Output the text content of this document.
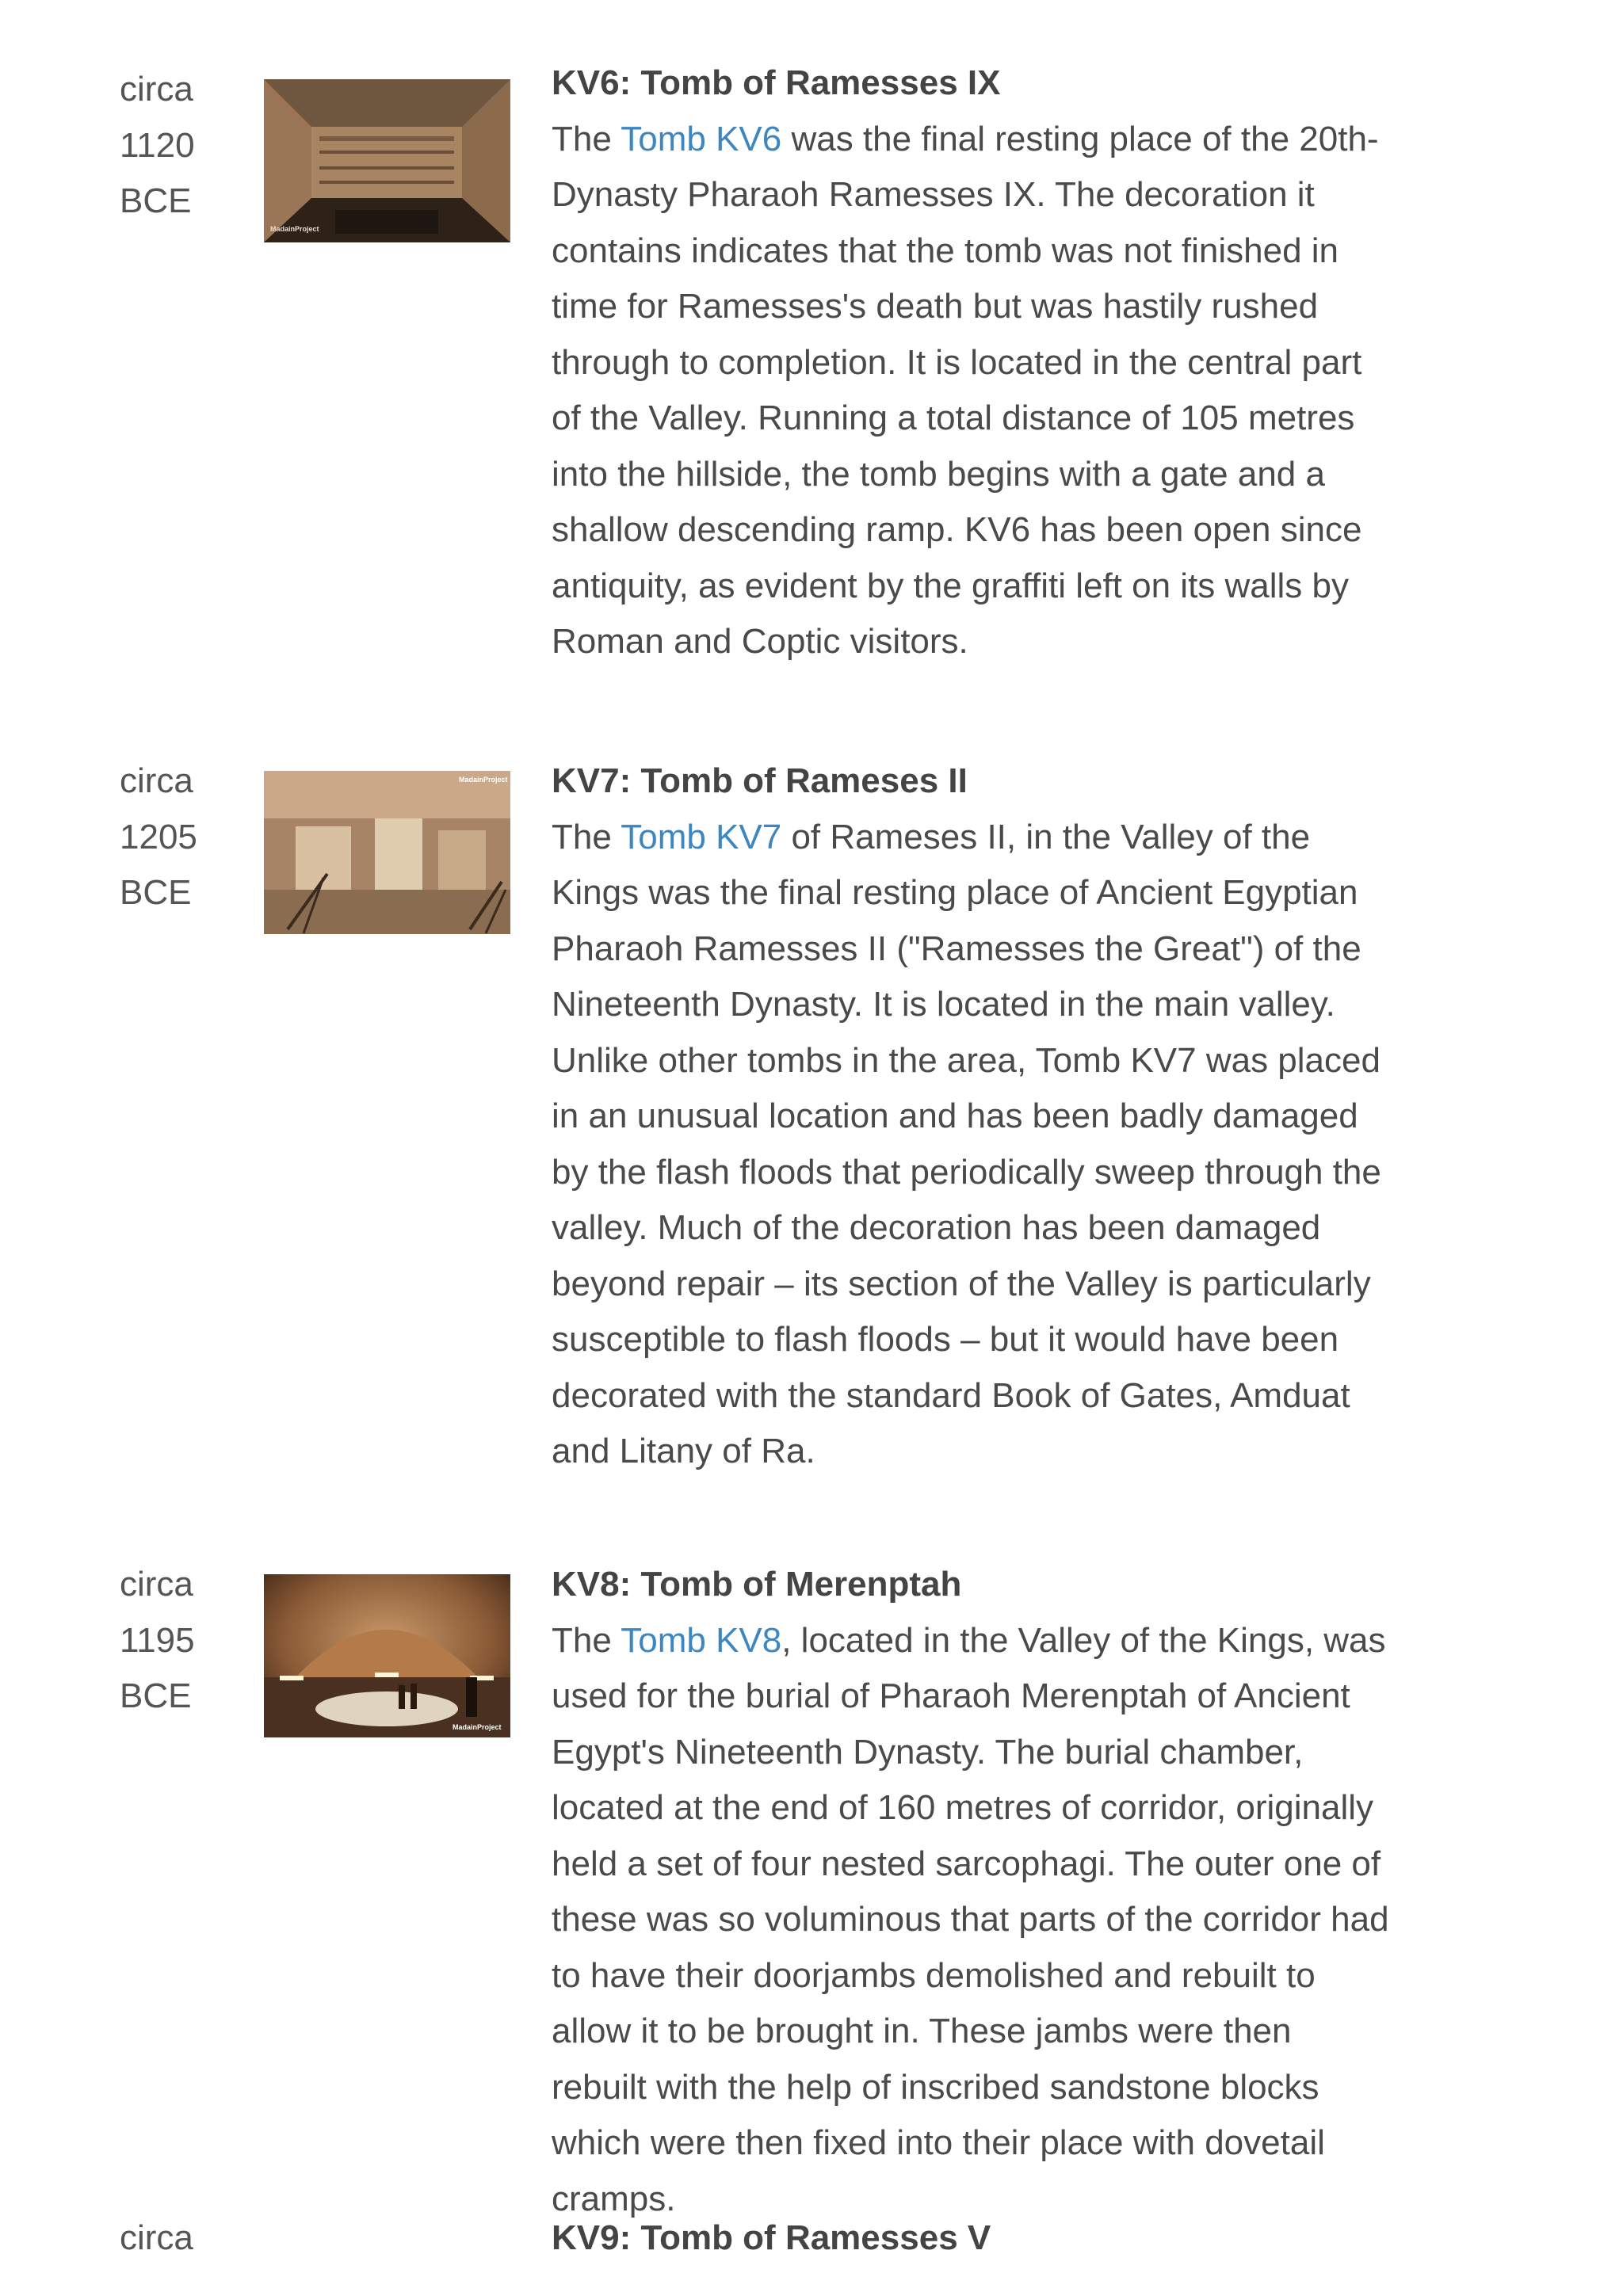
circa
1120
BCE
MadainProject
KV6: Tomb of Ramesses IX

The Tomb KV6 was the final resting place of the 20th-Dynasty Pharaoh Ramesses IX. The decoration it contains indicates that the tomb was not finished in time for Ramesses's death but was hastily rushed through to completion. It is located in the central part of the Valley. Running a total distance of 105 metres into the hillside, the tomb begins with a gate and a shallow descending ramp. KV6 has been open since antiquity, as evident by the graffiti left on its walls by Roman and Coptic visitors.

circa
1205
BCE
MadainProject KV7: Tomb of Rameses II

The Tomb KV7 of Rameses II, in the Valley of the Kings was the final resting place of Ancient Egyptian Pharaoh Ramesses II ("Ramesses the Great") of the Nineteenth Dynasty. It is located in the main valley. Unlike other tombs in the area, Tomb KV7 was placed in an unusual location and has been badly damaged by the flash floods that periodically sweep through the valley. Much of the decoration has been damaged beyond repair – its section of the Valley is particularly susceptible to flash floods – but it would have been decorated with the standard Book of Gates, Amduat and Litany of Ra.

circa
1195
BCE
MadainProject
KV8: Tomb of Merenptah

The Tomb KV8, located in the Valley of the Kings, was used for the burial of Pharaoh Merenptah of Ancient Egypt's Nineteenth Dynasty. The burial chamber, located at the end of 160 metres of corridor, originally held a set of four nested sarcophagi. The outer one of these was so voluminous that parts of the corridor had to have their doorjambs demolished and rebuilt to allow it to be brought in. These jambs were then rebuilt with the help of inscribed sandstone blocks which were then fixed into their place with dovetail cramps.
